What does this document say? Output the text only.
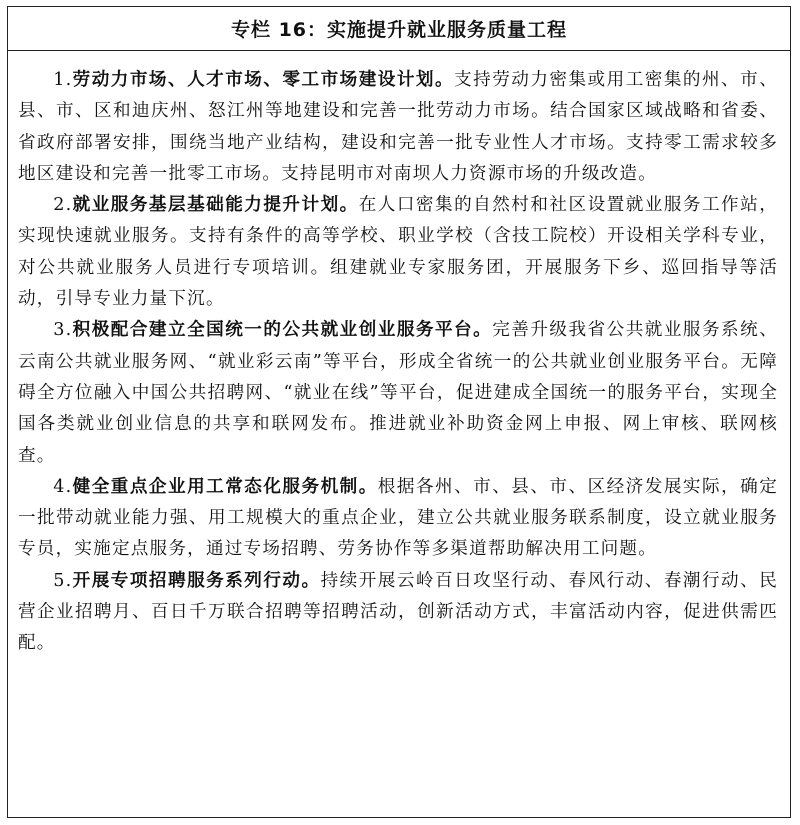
专栏 16：实施提升就业服务质量工程

1.劳动力市场、人才市场、零工市场建设计划。支持劳动力密集或用工密集的州、市、县、市、区和迪庆州、怒江州等地建设和完善一批劳动力市场。结合国家区域战略和省委、省政府部署安排，围绕当地产业结构，建设和完善一批专业性人才市场。支持零工需求较多地区建设和完善一批零工市场。支持昆明市对南坝人力资源市场的升级改造。

2.就业服务基层基础能力提升计划。在人口密集的自然村和社区设置就业服务工作站，实现快速就业服务。支持有条件的高等学校、职业学校（含技工院校）开设相关学科专业，对公共就业服务人员进行专项培训。组建就业专家服务团，开展服务下乡、巡回指导等活动，引导专业力量下沉。

3.积极配合建立全国统一的公共就业创业服务平台。完善升级我省公共就业服务系统、云南公共就业服务网、“就业彩云南”等平台，形成全省统一的公共就业创业服务平台。无障碍全方位融入中国公共招聘网、“就业在线”等平台，促进建成全国统一的服务平台，实现全国各类就业创业信息的共享和联网发布。推进就业补助资金网上申报、网上审核、联网核查。

4.健全重点企业用工常态化服务机制。根据各州、市、县、市、区经济发展实际，确定一批带动就业能力强、用工规模大的重点企业，建立公共就业服务联系制度，设立就业服务专员，实施定点服务，通过专场招聘、劳务协作等多渠道帮助解决用工问题。

5.开展专项招聘服务系列行动。持续开展云岭百日攻坚行动、春风行动、春潮行动、民营企业招聘月、百日千万联合招聘等招聘活动，创新活动方式，丰富活动内容，促进供需匹配。
